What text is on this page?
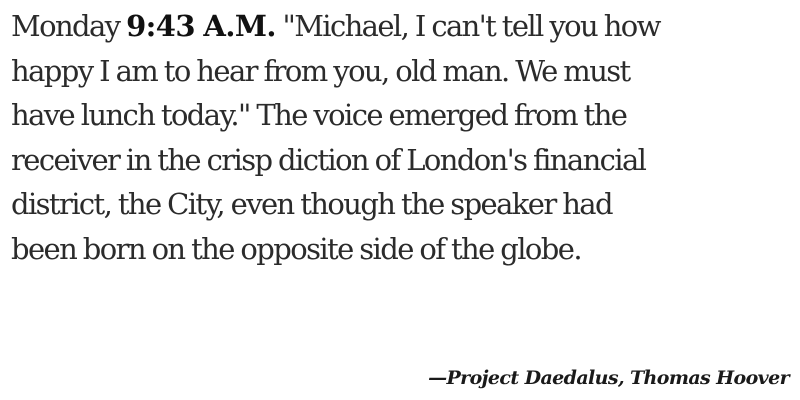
Monday 9:43 A.M. "Michael, I can't tell you how
happy I am to hear from you, old man. We must
have lunch today." The voice emerged from the
receiver in the crisp diction of London's financial
district, the City, even though the speaker had
been born on the opposite side of the globe.

—Project Daedalus, Thomas Hoover
